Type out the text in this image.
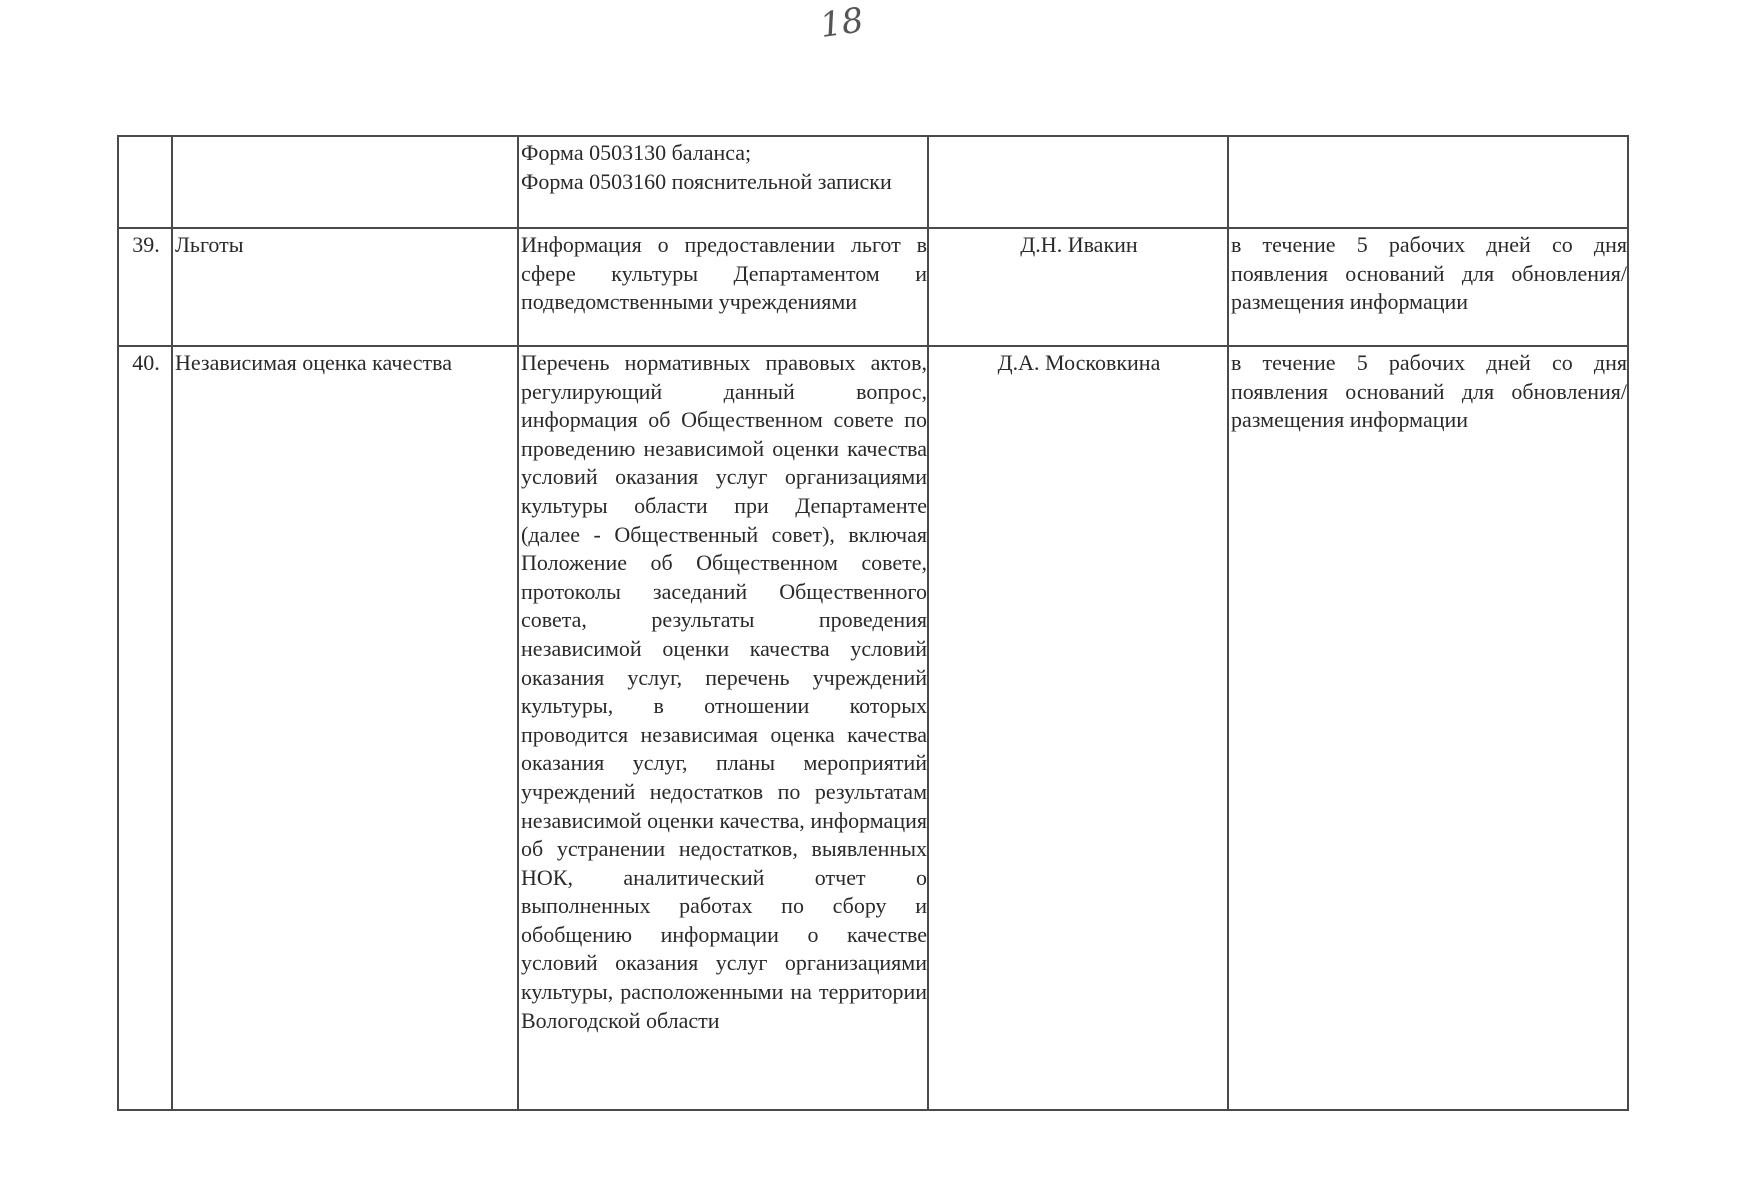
18

		Форма 0503130 баланса;
Форма 0503160 пояснительной записки		

39.	Льготы	Информация о предоставлении льгот в сфере культуры Департаментом и подведомственными учреждениями	Д.Н. Ивакин	в течение 5 рабочих дней со дня появления оснований для обновления/размещения информации
40.	Независимая оценка качества	Перечень нормативных правовых актов, регулирующий данный вопрос, информация об Общественном совете по проведению независимой оценки качества условий оказания услуг организациями культуры области при Департаменте (далее - Общественный совет), включая Положение об Общественном совете, протоколы заседаний Общественного совета, результаты проведения независимой оценки качества условий оказания услуг, перечень учреждений культуры, в отношении которых проводится независимая оценка качества оказания услуг, планы мероприятий учреждений недостатков по результатам независимой оценки качества, информация об устранении недостатков, выявленных НОК, аналитический отчет о выполненных работах по сбору и обобщению информации о качестве условий оказания услуг организациями культуры, расположенными на территории Вологодской области	Д.А. Московкина	в течение 5 рабочих дней со дня появления оснований для обновления/размещения информации
